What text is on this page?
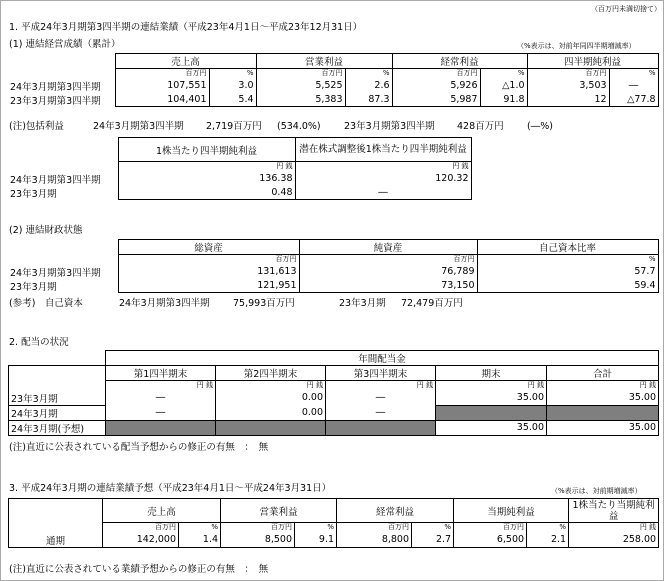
（百万円未満切捨て）
1. 平成24年3月期第3四半期の連結業績（平成23年4月1日～平成23年12月31日）
(1) 連結経営成績（累計）	（%表示は、対前年同四半期増減率）
	売上高		営業利益		経常利益		四半期純利益	
	百万円	%	百万円	%	百万円	%	百万円	%
24年3月期第3四半期	107,551	3.0	5,525	2.6	5,926	△1.0	3,503	―
23年3月期第3四半期	104,401	5.4	5,383	87.3	5,987	91.8	12	△77.8
(注)包括利益	24年3月期第3四半期 2,719百万円 (534.0%) 23年3月期第3四半期 428百万円 (―%)
	1株当たり四半期純利益	潜在株式調整後1株当たり四半期純利益
	円 銭	円 銭
24年3月期第3四半期	136.38	120.32
23年3月期	0.48	―
(2) 連結財政状態
	総資産	純資産	自己資本比率
	百万円	百万円	%
24年3月期第3四半期	131,613	76,789	57.7
23年3月期	121,951	73,150	59.4
(参考)　自己資本	24年3月期第3四半期 75,993百万円	23年3月期 72,479百万円
2. 配当の状況
	年間配当金				
	第1四半期末	第2四半期末	第3四半期末	期末	合計
	円 銭	円 銭	円 銭	円 銭	円 銭
23年3月期	―	0.00	―	35.00	35.00
24年3月期	―	0.00	―		
24年3月期(予想)				35.00	35.00
(注)直近に公表されている配当予想からの修正の有無　：　無
3. 平成24年3月期の連結業績予想（平成23年4月1日～平成24年3月31日）	（%表示は、対前期増減率）
	売上高		営業利益		経常利益		当期純利益		1株当たり当期純利益
	百万円	%	百万円	%	百万円	%	百万円	%	円 銭
通期	142,000	1.4	8,500	9.1	8,800	2.7	6,500	2.1	258.00
(注)直近に公表されている業績予想からの修正の有無　：　無
